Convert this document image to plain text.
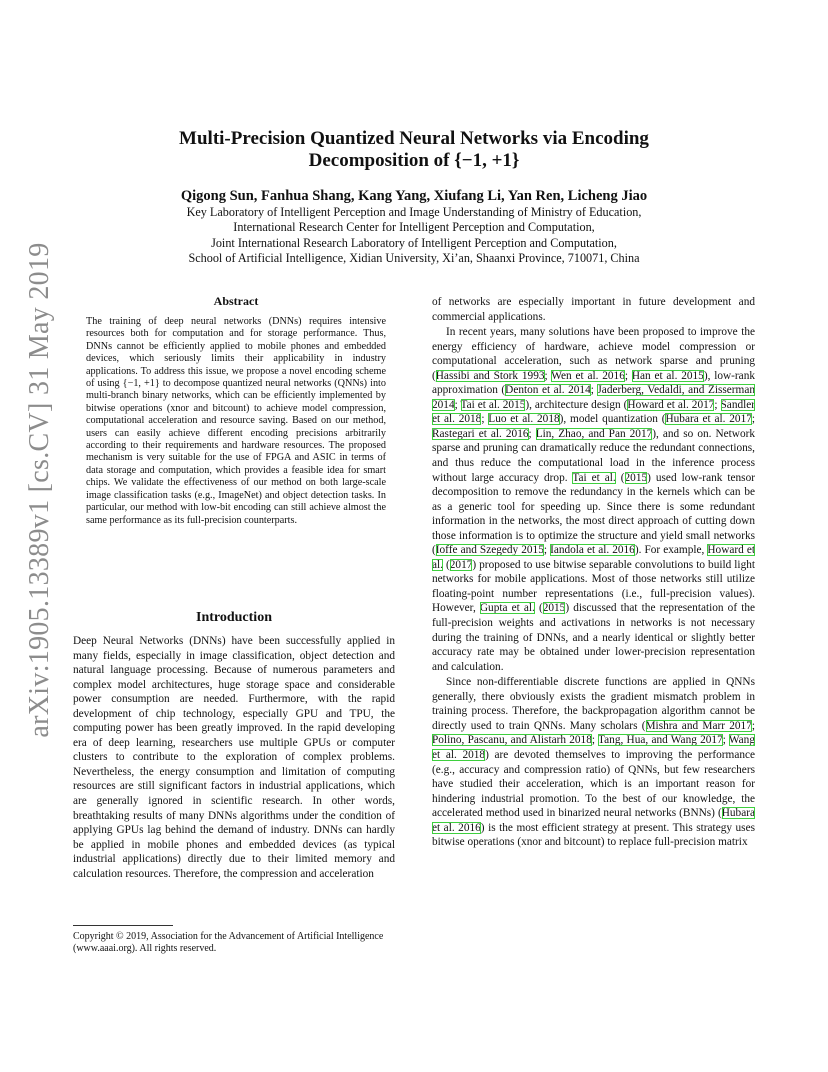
arXiv:1905.13389v1 [cs.CV] 31 May 2019
Multi-Precision Quantized Neural Networks via Encoding
Decomposition of {−1, +1}
Qigong Sun, Fanhua Shang, Kang Yang, Xiufang Li, Yan Ren, Licheng Jiao
Key Laboratory of Intelligent Perception and Image Understanding of Ministry of Education,
International Research Center for Intelligent Perception and Computation,
Joint International Research Laboratory of Intelligent Perception and Computation,
School of Artificial Intelligence, Xidian University, Xi’an, Shaanxi Province, 710071, China
Abstract
The training of deep neural networks (DNNs) requires intensive resources both for computation and for storage performance. Thus, DNNs cannot be efficiently applied to mobile phones and embedded devices, which seriously limits their applicability in industry applications. To address this issue, we propose a novel encoding scheme of using {−1, +1} to decompose quantized neural networks (QNNs) into multi-branch binary networks, which can be efficiently implemented by bitwise operations (xnor and bitcount) to achieve model compression, computational acceleration and resource saving. Based on our method, users can easily achieve different encoding precisions arbitrarily according to their requirements and hardware resources. The proposed mechanism is very suitable for the use of FPGA and ASIC in terms of data storage and computation, which provides a feasible idea for smart chips. We validate the effectiveness of our method on both large-scale image classification tasks (e.g., ImageNet) and object detection tasks. In particular, our method with low-bit encoding can still achieve almost the same performance as its full-precision counterparts.
Introduction

Deep Neural Networks (DNNs) have been successfully applied in many fields, especially in image classification, object detection and natural language processing. Because of numerous parameters and complex model architectures, huge storage space and considerable power consumption are needed. Furthermore, with the rapid development of chip technology, especially GPU and TPU, the computing power has been greatly improved. In the rapid developing era of deep learning, researchers use multiple GPUs or computer clusters to contribute to the exploration of complex problems. Nevertheless, the energy consumption and limitation of computing resources are still significant factors in industrial applications, which are generally ignored in scientific research. In other words, breathtaking results of many DNNs algorithms under the condition of applying GPUs lag behind the demand of industry. DNNs can hardly be applied in mobile phones and embedded devices (as typical industrial applications) directly due to their limited memory and calculation resources. Therefore, the compression and acceleration

Copyright © 2019, Association for the Advancement of Artificial Intelligence (www.aaai.org). All rights reserved.

of networks are especially important in future development and commercial applications.

In recent years, many solutions have been proposed to improve the energy efficiency of hardware, achieve model compression or computational acceleration, such as network sparse and pruning (Hassibi and Stork 1993; Wen et al. 2016; Han et al. 2015), low-rank approximation (Denton et al. 2014; Jaderberg, Vedaldi, and Zisserman 2014; Tai et al. 2015), architecture design (Howard et al. 2017; Sandler et al. 2018; Luo et al. 2018), model quantization (Hubara et al. 2017; Rastegari et al. 2016; Lin, Zhao, and Pan 2017), and so on. Network sparse and pruning can dramatically reduce the redundant connections, and thus reduce the computational load in the inference process without large accuracy drop. Tai et al. (2015) used low-rank tensor decomposition to remove the redundancy in the kernels which can be as a generic tool for speeding up. Since there is some redundant information in the networks, the most direct approach of cutting down those information is to optimize the structure and yield small networks (Ioffe and Szegedy 2015; Iandola et al. 2016). For example, Howard et al. (2017) proposed to use bitwise separable convolutions to build light networks for mobile applications. Most of those networks still utilize floating-point number representations (i.e., full-precision values). However, Gupta et al. (2015) discussed that the representation of the full-precision weights and activations in networks is not necessary during the training of DNNs, and a nearly identical or slightly better accuracy rate may be obtained under lower-precision representation and calculation.

Since non-differentiable discrete functions are applied in QNNs generally, there obviously exists the gradient mismatch problem in training process. Therefore, the backpropagation algorithm cannot be directly used to train QNNs. Many scholars (Mishra and Marr 2017; Polino, Pascanu, and Alistarh 2018; Tang, Hua, and Wang 2017; Wang et al. 2018) are devoted themselves to improving the performance (e.g., accuracy and compression ratio) of QNNs, but few researchers have studied their acceleration, which is an important reason for hindering industrial promotion. To the best of our knowledge, the accelerated method used in binarized neural networks (BNNs) (Hubara et al. 2016) is the most efficient strategy at present. This strategy uses bitwise operations (xnor and bitcount) to replace full-precision matrix
